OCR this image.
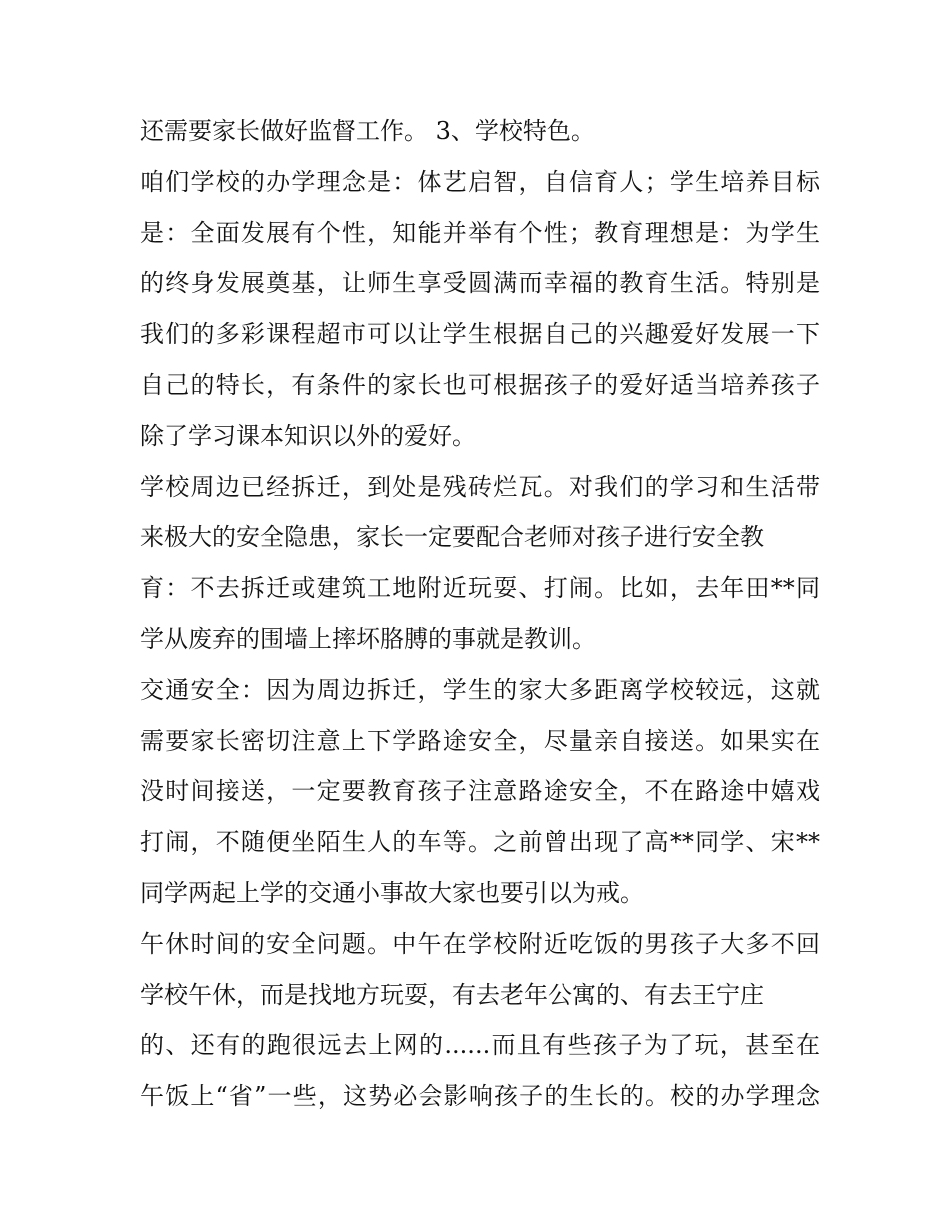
还需要家长做好监督工作。 3、学校特色。
咱们学校的办学理念是：体艺启智，自信育人；学生培养目标
是：全面发展有个性，知能并举有个性；教育理想是：为学生
的终身发展奠基，让师生享受圆满而幸福的教育生活。特别是
我们的多彩课程超市可以让学生根据自己的兴趣爱好发展一下
自己的特长，有条件的家长也可根据孩子的爱好适当培养孩子
除了学习课本知识以外的爱好。
学校周边已经拆迁，到处是残砖烂瓦。对我们的学习和生活带
来极大的安全隐患，家长一定要配合老师对孩子进行安全教
育：不去拆迁或建筑工地附近玩耍、打闹。比如，去年田**同
学从废弃的围墙上摔坏胳膊的事就是教训。
交通安全：因为周边拆迁，学生的家大多距离学校较远，这就
需要家长密切注意上下学路途安全，尽量亲自接送。如果实在
没时间接送，一定要教育孩子注意路途安全，不在路途中嬉戏
打闹，不随便坐陌生人的车等。之前曾出现了高**同学、宋**
同学两起上学的交通小事故大家也要引以为戒。
午休时间的安全问题。中午在学校附近吃饭的男孩子大多不回
学校午休，而是找地方玩耍，有去老年公寓的、有去王宁庄
的、还有的跑很远去上网的......而且有些孩子为了玩，甚至在
午饭上“省”一些，这势必会影响孩子的生长的。校的办学理念
